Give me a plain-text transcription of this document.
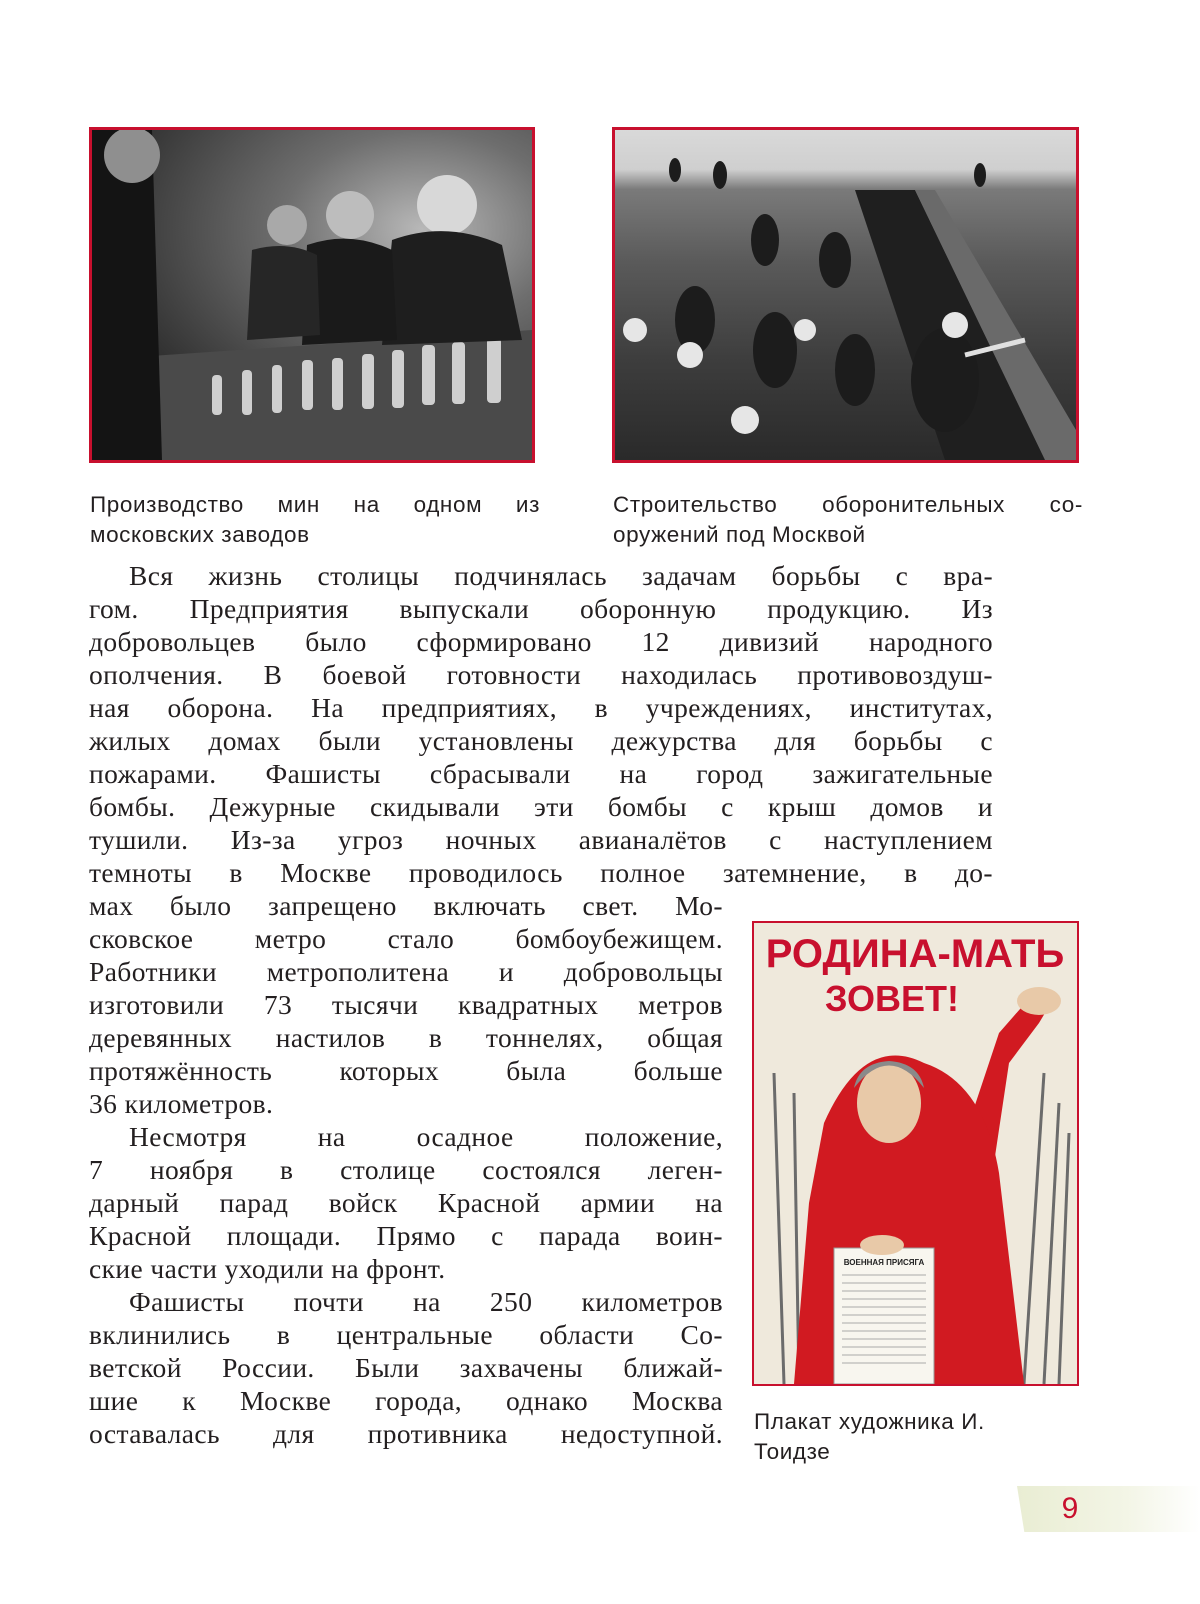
Производство мин на одном из московских заводов

Строительство оборонительных со-оружений под Москвой

Вся жизнь столицы подчинялась задачам борьбы с вра-

гом. Предприятия выпускали оборонную продукцию. Из

добровольцев было сформировано 12 дивизий народного

ополчения. В боевой готовности находилась противовоздуш-

ная оборона. На предприятиях, в учреждениях, институтах,

жилых домах были установлены дежурства для борьбы с

пожарами. Фашисты сбрасывали на город зажигательные

бомбы. Дежурные скидывали эти бомбы с крыш домов и

тушили. Из-за угроз ночных авианалётов с наступлением

темноты в Москве проводилось полное затемнение, в до-

мах было запрещено включать свет. Мо-

сковское метро стало бомбоубежищем.

Работники метрополитена и добровольцы

изготовили 73 тысячи квадратных метров

деревянных настилов в тоннелях, общая

протяжённость которых была больше

36 километров.

Несмотря на осадное положение,

7 ноября в столице состоялся леген-

дарный парад войск Красной армии на

Красной площади. Прямо с парада воин-

ские части уходили на фронт.

Фашисты почти на 250 километров

вклинились в центральные области Со-

ветской России. Были захвачены ближай-

шие к Москве города, однако Москва

оставалась для противника недоступной.

РОДИНА-МАТЬ
ЗОВЕТ!
ВОЕННАЯ ПРИСЯГА

Плакат художника И. Тоидзе

9
